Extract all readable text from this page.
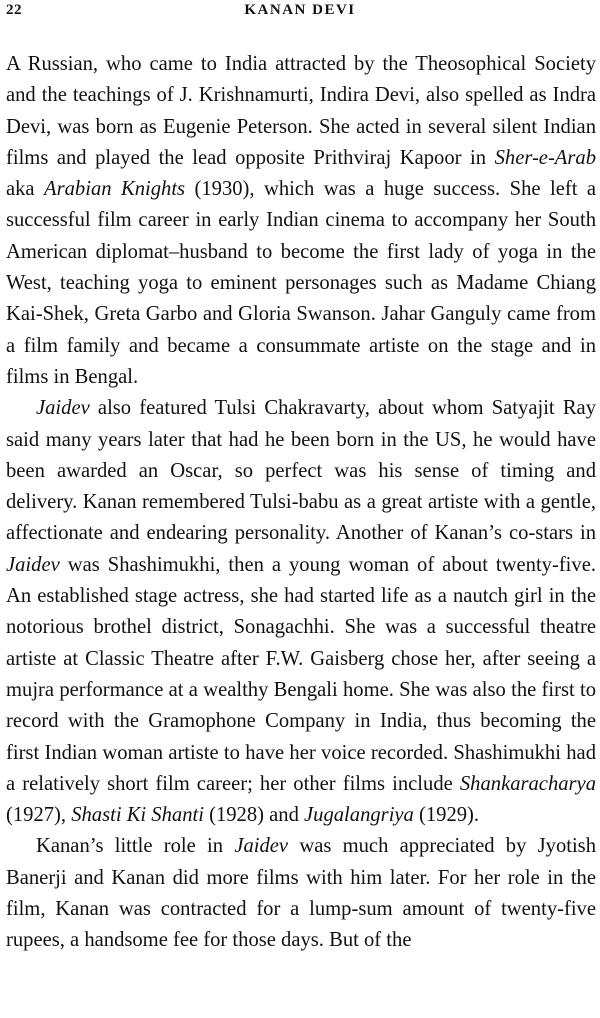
22	KANAN DEVI

A Russian, who came to India attracted by the Theosophical Society and the teachings of J. Krishnamurti, Indira Devi, also spelled as Indra Devi, was born as Eugenie Peterson. She acted in several silent Indian films and played the lead opposite Prithviraj Kapoor in Sher-e-Arab aka Arabian Knights (1930), which was a huge success. She left a successful film career in early Indian cinema to accompany her South American diplomat–husband to become the first lady of yoga in the West, teaching yoga to eminent personages such as Madame Chiang Kai-Shek, Greta Garbo and Gloria Swanson. Jahar Ganguly came from a film family and became a consummate artiste on the stage and in films in Bengal.

Jaidev also featured Tulsi Chakravarty, about whom Satyajit Ray said many years later that had he been born in the US, he would have been awarded an Oscar, so perfect was his sense of timing and delivery. Kanan remembered Tulsi-babu as a great artiste with a gentle, affectionate and endearing personality. Another of Kanan’s co-stars in Jaidev was Shashimukhi, then a young woman of about twenty-five. An established stage actress, she had started life as a nautch girl in the notorious brothel district, Sonagachhi. She was a successful theatre artiste at Classic Theatre after F.W. Gaisberg chose her, after seeing a mujra performance at a wealthy Bengali home. She was also the first to record with the Gramophone Company in India, thus becoming the first Indian woman artiste to have her voice recorded. Shashimukhi had a relatively short film career; her other films include Shankaracharya (1927), Shasti Ki Shanti (1928) and Jugalangriya (1929).

Kanan’s little role in Jaidev was much appreciated by Jyotish Banerji and Kanan did more films with him later. For her role in the film, Kanan was contracted for a lump-sum amount of twenty-five rupees, a handsome fee for those days. But of the
